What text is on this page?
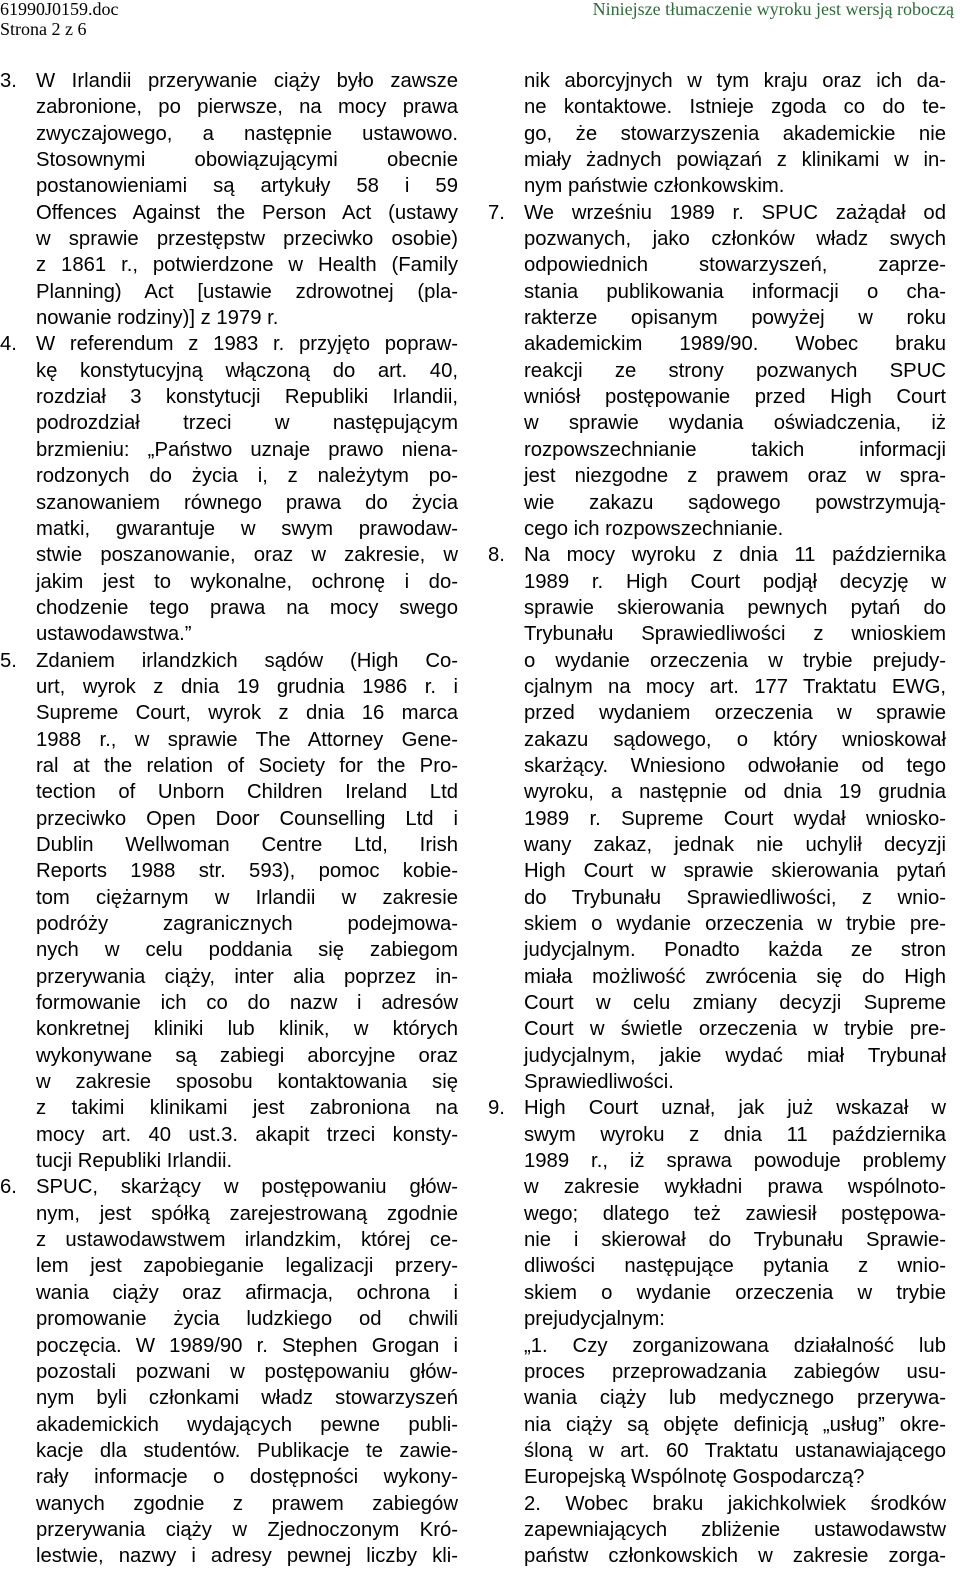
61990J0159.doc
Strona 2 z 6
Niniejsze tłumaczenie wyroku jest wersją roboczą
3. W Irlandii przerywanie ciąży było zawsze
zabronione, po pierwsze, na mocy prawa
zwyczajowego, a następnie ustawowo.
Stosownymi obowiązującymi obecnie
postanowieniami są artykuły 58 i 59
Offences Against the Person Act (ustawy
w sprawie przestępstw przeciwko osobie)
z 1861 r., potwierdzone w Health (Family
Planning) Act [ustawie zdrowotnej (pla-
nowanie rodziny)] z 1979 r.
4. W referendum z 1983 r. przyjęto popraw-
kę konstytucyjną włączoną do art. 40,
rozdział 3 konstytucji Republiki Irlandii,
podrozdział trzeci w następującym
brzmieniu: „Państwo uznaje prawo niena-
rodzonych do życia i, z należytym po-
szanowaniem równego prawa do życia
matki, gwarantuje w swym prawodaw-
stwie poszanowanie, oraz w zakresie, w
jakim jest to wykonalne, ochronę i do-
chodzenie tego prawa na mocy swego
ustawodawstwa.”
5. Zdaniem irlandzkich sądów (High Co-
urt, wyrok z dnia 19 grudnia 1986 r. i
Supreme Court, wyrok z dnia 16 marca
1988 r., w sprawie The Attorney Gene-
ral at the relation of Society for the Pro-
tection of Unborn Children Ireland Ltd
przeciwko Open Door Counselling Ltd i
Dublin Wellwoman Centre Ltd, Irish
Reports 1988 str. 593), pomoc kobie-
tom ciężarnym w Irlandii w zakresie
podróży zagranicznych podejmowa-
nych w celu poddania się zabiegom
przerywania ciąży, inter alia poprzez in-
formowanie ich co do nazw i adresów
konkretnej kliniki lub klinik, w których
wykonywane są zabiegi aborcyjne oraz
w zakresie sposobu kontaktowania się
z takimi klinikami jest zabroniona na
mocy art. 40 ust.3. akapit trzeci konsty-
tucji Republiki Irlandii.
6. SPUC, skarżący w postępowaniu głów-
nym, jest spółką zarejestrowaną zgodnie
z ustawodawstwem irlandzkim, której ce-
lem jest zapobieganie legalizacji przery-
wania ciąży oraz afirmacja, ochrona i
promowanie życia ludzkiego od chwili
poczęcia. W 1989/90 r. Stephen Grogan i
pozostali pozwani w postępowaniu głów-
nym byli członkami władz stowarzyszeń
akademickich wydających pewne publi-
kacje dla studentów. Publikacje te zawie-
rały informacje o dostępności wykony-
wanych zgodnie z prawem zabiegów
przerywania ciąży w Zjednoczonym Kró-
lestwie, nazwy i adresy pewnej liczby kli-
nik aborcyjnych w tym kraju oraz ich da-
ne kontaktowe. Istnieje zgoda co do te-
go, że stowarzyszenia akademickie nie
miały żadnych powiązań z klinikami w in-
nym państwie członkowskim.
7. We wrześniu 1989 r. SPUC zażądał od
pozwanych, jako członków władz swych
odpowiednich stowarzyszeń, zaprze-
stania publikowania informacji o cha-
rakterze opisanym powyżej w roku
akademickim 1989/90. Wobec braku
reakcji ze strony pozwanych SPUC
wniósł postępowanie przed High Court
w sprawie wydania oświadczenia, iż
rozpowszechnianie takich informacji
jest niezgodne z prawem oraz w spra-
wie zakazu sądowego powstrzymują-
cego ich rozpowszechnianie.
8. Na mocy wyroku z dnia 11 października
1989 r. High Court podjął decyzję w
sprawie skierowania pewnych pytań do
Trybunału Sprawiedliwości z wnioskiem
o wydanie orzeczenia w trybie prejudy-
cjalnym na mocy art. 177 Traktatu EWG,
przed wydaniem orzeczenia w sprawie
zakazu sądowego, o który wnioskował
skarżący. Wniesiono odwołanie od tego
wyroku, a następnie od dnia 19 grudnia
1989 r. Supreme Court wydał wniosko-
wany zakaz, jednak nie uchylił decyzji
High Court w sprawie skierowania pytań
do Trybunału Sprawiedliwości, z wnio-
skiem o wydanie orzeczenia w trybie pre-
judycjalnym. Ponadto każda ze stron
miała możliwość zwrócenia się do High
Court w celu zmiany decyzji Supreme
Court w świetle orzeczenia w trybie pre-
judycjalnym, jakie wydać miał Trybunał
Sprawiedliwości.
9. High Court uznał, jak już wskazał w
swym wyroku z dnia 11 października
1989 r., iż sprawa powoduje problemy
w zakresie wykładni prawa wspólnoto-
wego; dlatego też zawiesił postępowa-
nie i skierował do Trybunału Sprawie-
dliwości następujące pytania z wnio-
skiem o wydanie orzeczenia w trybie
prejudycjalnym:
„1. Czy zorganizowana działalność lub
proces przeprowadzania zabiegów usu-
wania ciąży lub medycznego przerywa-
nia ciąży są objęte definicją „usług” okre-
śloną w art. 60 Traktatu ustanawiającego
Europejską Wspólnotę Gospodarczą?
2. Wobec braku jakichkolwiek środków
zapewniających zbliżenie ustawodawstw
państw członkowskich w zakresie zorga-
